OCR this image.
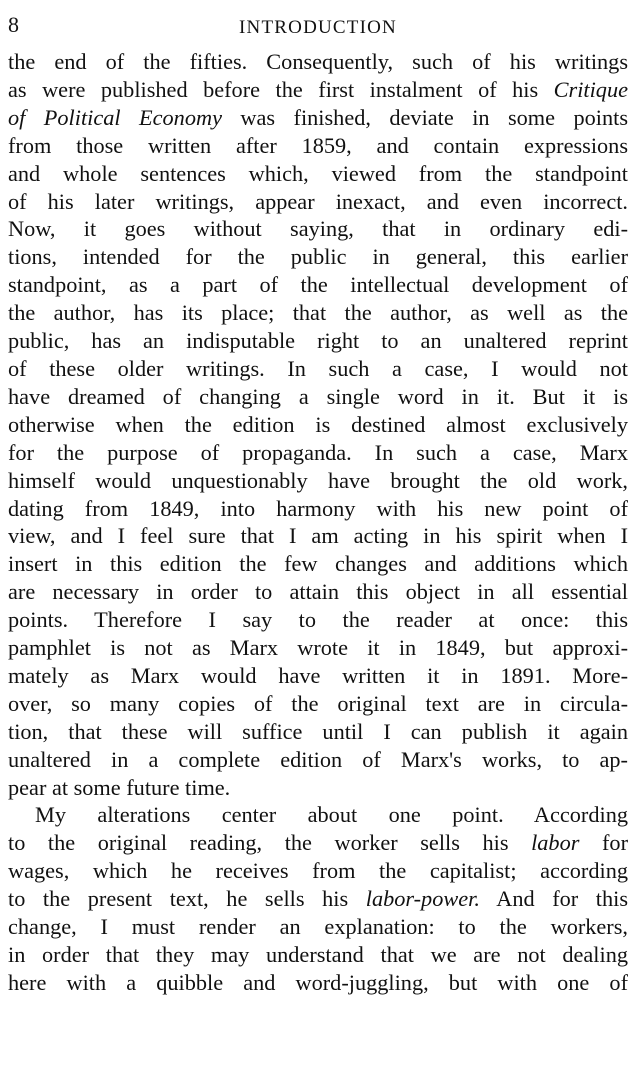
8	INTRODUCTION
the end of the fifties. Consequently, such of his writings
as were published before the first instalment of his Critique
of Political Economy was finished, deviate in some points
from those written after 1859, and contain expressions
and whole sentences which, viewed from the standpoint
of his later writings, appear inexact, and even incorrect.
Now, it goes without saying, that in ordinary edi-
tions, intended for the public in general, this earlier
standpoint, as a part of the intellectual development of
the author, has its place; that the author, as well as the
public, has an indisputable right to an unaltered reprint
of these older writings. In such a case, I would not
have dreamed of changing a single word in it. But it is
otherwise when the edition is destined almost exclusively
for the purpose of propaganda. In such a case, Marx
himself would unquestionably have brought the old work,
dating from 1849, into harmony with his new point of
view, and I feel sure that I am acting in his spirit when I
insert in this edition the few changes and additions which
are necessary in order to attain this object in all essential
points. Therefore I say to the reader at once: this
pamphlet is not as Marx wrote it in 1849, but approxi-
mately as Marx would have written it in 1891. More-
over, so many copies of the original text are in circula-
tion, that these will suffice until I can publish it again
unaltered in a complete edition of Marx's works, to ap-
pear at some future time.
My alterations center about one point. According
to the original reading, the worker sells his labor for
wages, which he receives from the capitalist; according
to the present text, he sells his labor-power. And for this
change, I must render an explanation: to the workers,
in order that they may understand that we are not dealing
here with a quibble and word-juggling, but with one of
